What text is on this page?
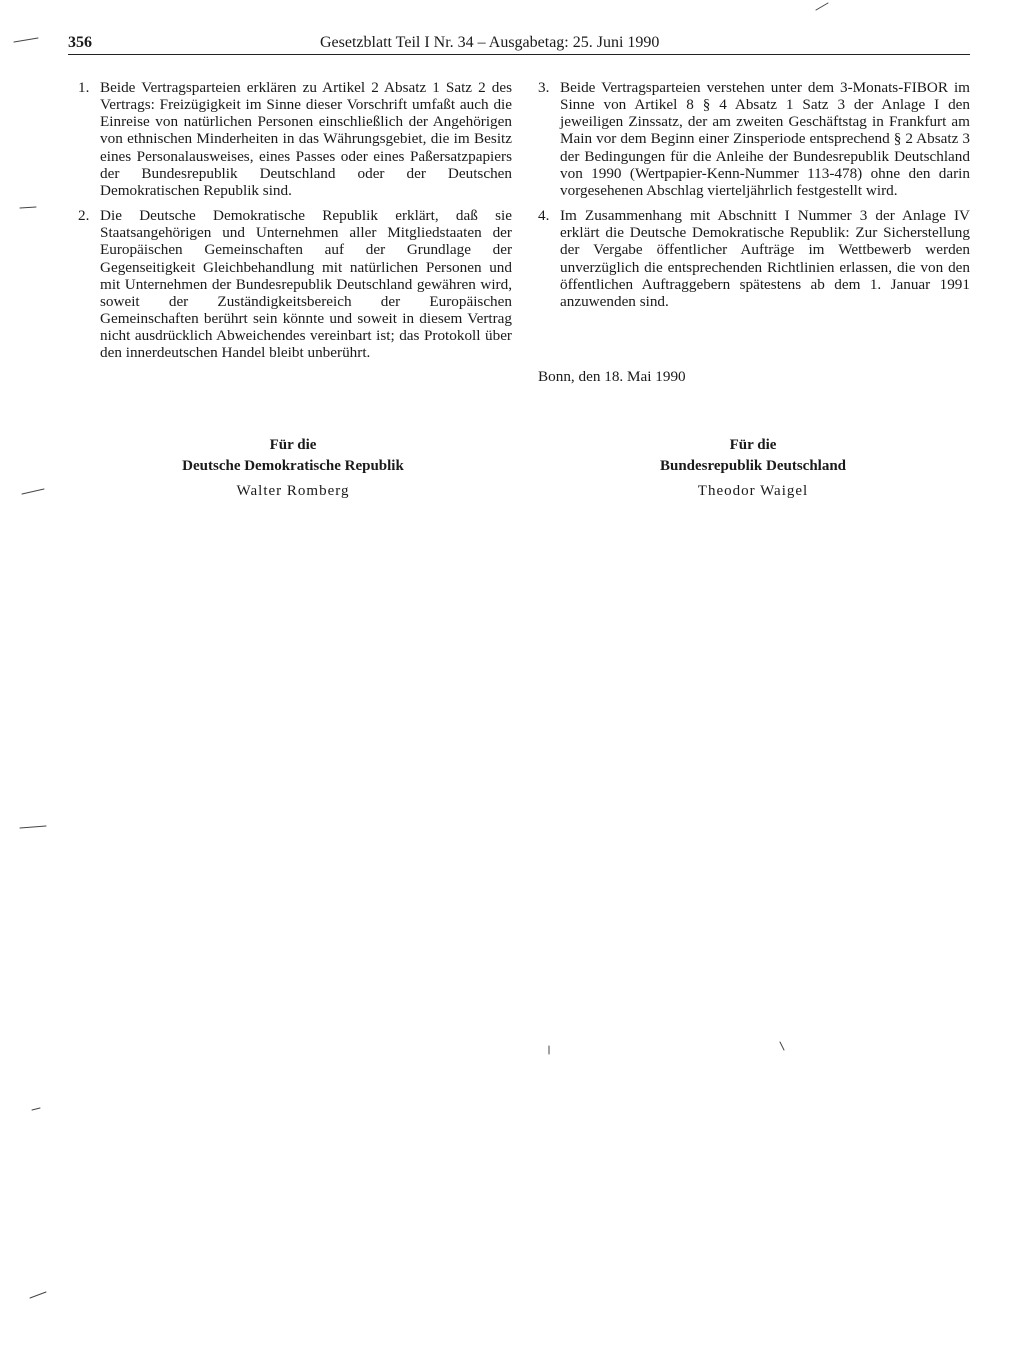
356	Gesetzblatt Teil I Nr. 34 – Ausgabetag: 25. Juni 1990
1. Beide Vertragsparteien erklären zu Artikel 2 Absatz 1 Satz 2 des Vertrags: Freizügigkeit im Sinne dieser Vorschrift umfaßt auch die Einreise von natürlichen Personen einschließlich der Angehörigen von ethnischen Minderheiten in das Währungsgebiet, die im Besitz eines Personalausweises, eines Passes oder eines Paßersatzpapiers der Bundesrepublik Deutschland oder der Deutschen Demokratischen Republik sind.
2. Die Deutsche Demokratische Republik erklärt, daß sie Staatsangehörigen und Unternehmen aller Mitgliedstaaten der Europäischen Gemeinschaften auf der Grundlage der Gegenseitigkeit Gleichbehandlung mit natürlichen Personen und mit Unternehmen der Bundesrepublik Deutschland gewähren wird, soweit der Zuständigkeitsbereich der Europäischen Gemeinschaften berührt sein könnte und soweit in diesem Vertrag nicht ausdrücklich Abweichendes vereinbart ist; das Protokoll über den innerdeutschen Handel bleibt unberührt.
3. Beide Vertragsparteien verstehen unter dem 3-Monats-FIBOR im Sinne von Artikel 8 § 4 Absatz 1 Satz 3 der Anlage I den jeweiligen Zinssatz, der am zweiten Geschäftstag in Frankfurt am Main vor dem Beginn einer Zinsperiode entsprechend § 2 Absatz 3 der Bedingungen für die Anleihe der Bundesrepublik Deutschland von 1990 (Wertpapier-Kenn-Nummer 113-478) ohne den darin vorgesehenen Abschlag vierteljährlich festgestellt wird.
4. Im Zusammenhang mit Abschnitt I Nummer 3 der Anlage IV erklärt die Deutsche Demokratische Republik: Zur Sicherstellung der Vergabe öffentlicher Aufträge im Wettbewerb werden unverzüglich die entsprechenden Richtlinien erlassen, die von den öffentlichen Auftraggebern spätestens ab dem 1. Januar 1991 anzuwenden sind.
Bonn, den 18. Mai 1990
Für die
Deutsche Demokratische Republik
Walter Romberg
Für die
Bundesrepublik Deutschland
Theodor Waigel
